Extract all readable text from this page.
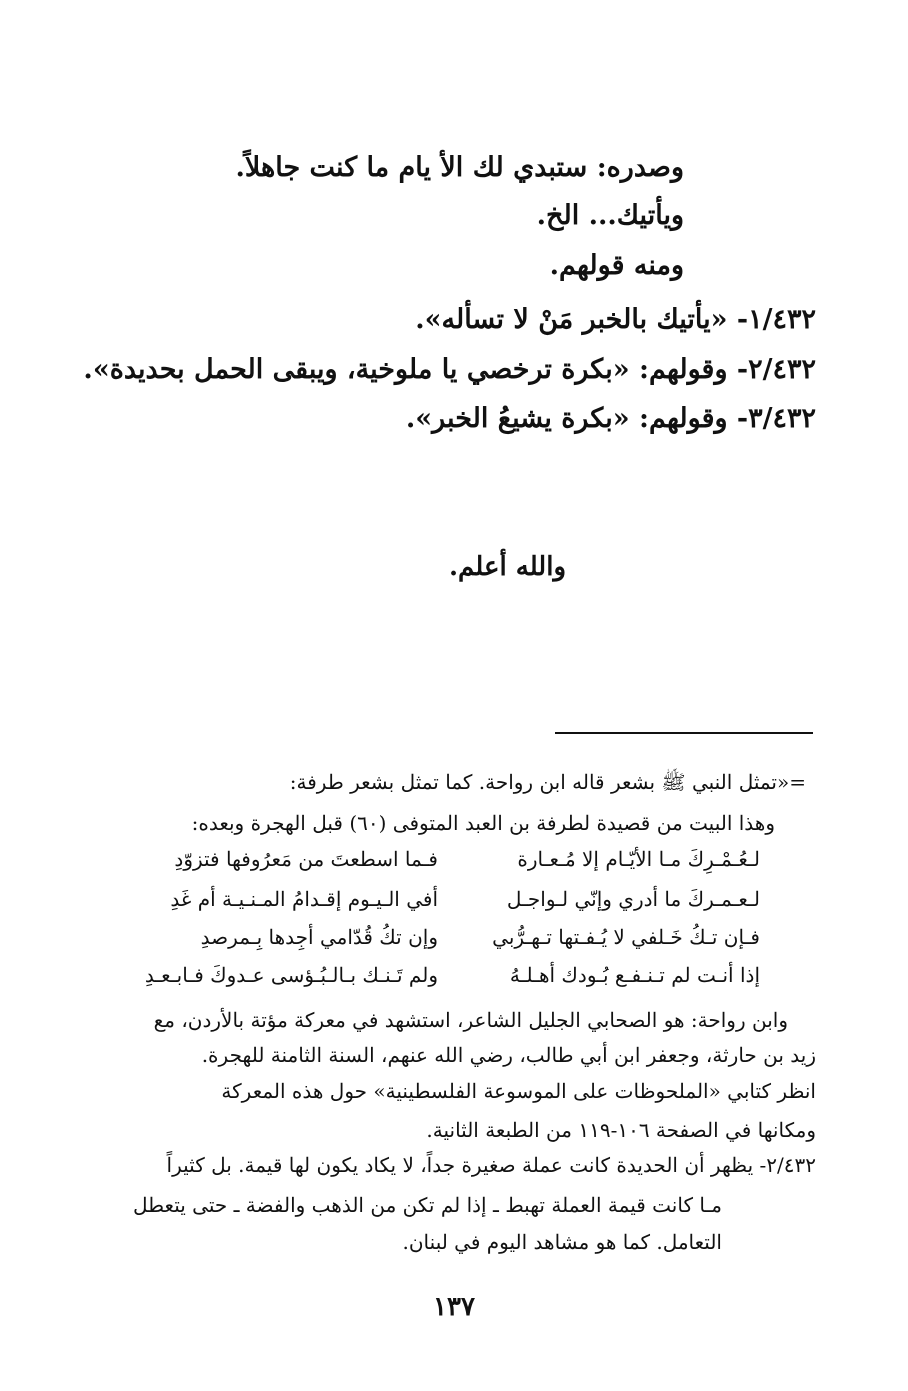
وصدره: ستبدي لك الأ يام ما كنت جاهلاً.
ويأتيك... الخ.
ومنه قولهم.
١/٤٣٢- «يأتيك بالخبر مَنْ لا تسأله».
٢/٤٣٢- وقولهم: «بكرة ترخصي يا ملوخية، ويبقى الحمل بحديدة».
٣/٤٣٢- وقولهم: «بكرة يشيعُ الخبر».
والله أعلم.
=«تمثل النبي ﷺ بشعر قاله ابن رواحة. كما تمثل بشعر طرفة:
وهذا البيت من قصيدة لطرفة بن العبد المتوفى (٦٠) قبل الهجرة وبعده:
لـعُـمْـرِكَ مـا الأيّـام إلا مُـعـارة
فـما اسطعتَ من مَعرُوفها فتزوّدِ
لـعـمـركَ ما أدري وإنّي لـواجـل
أفي الـيـوم إقـدامُ المـنـيـة أم غَدِ
فـإن تـكُ خَـلفي لا يُـفـتها تـهـرُّبي
وإن تكُ قُدّامي أجِدها بِـمرصدِ
إذا أنـت لم تـنـفـع بُـودك أهـلـهُ
ولم تَـنـك بـالـبُـؤسى عـدوكَ فـابـعـدِ
وابن رواحة: هو الصحابي الجليل الشاعر، استشهد في معركة مؤتة بالأردن، مع
زيد بن حارثة، وجعفر ابن أبي طالب، رضي الله عنهم، السنة الثامنة للهجرة.
انظر كتابي «الملحوظات على الموسوعة الفلسطينية» حول هذه المعركة
ومكانها في الصفحة ١٠٦-١١٩ من الطبعة الثانية.
٢/٤٣٢- يظهر أن الحديدة كانت عملة صغيرة جداً، لا يكاد يكون لها قيمة. بل كثيراً
مـا كانت قيمة العملة تهبط ـ إذا لم تكن من الذهب والفضة ـ حتى يتعطل
التعامل. كما هو مشاهد اليوم في لبنان.
١٣٧
